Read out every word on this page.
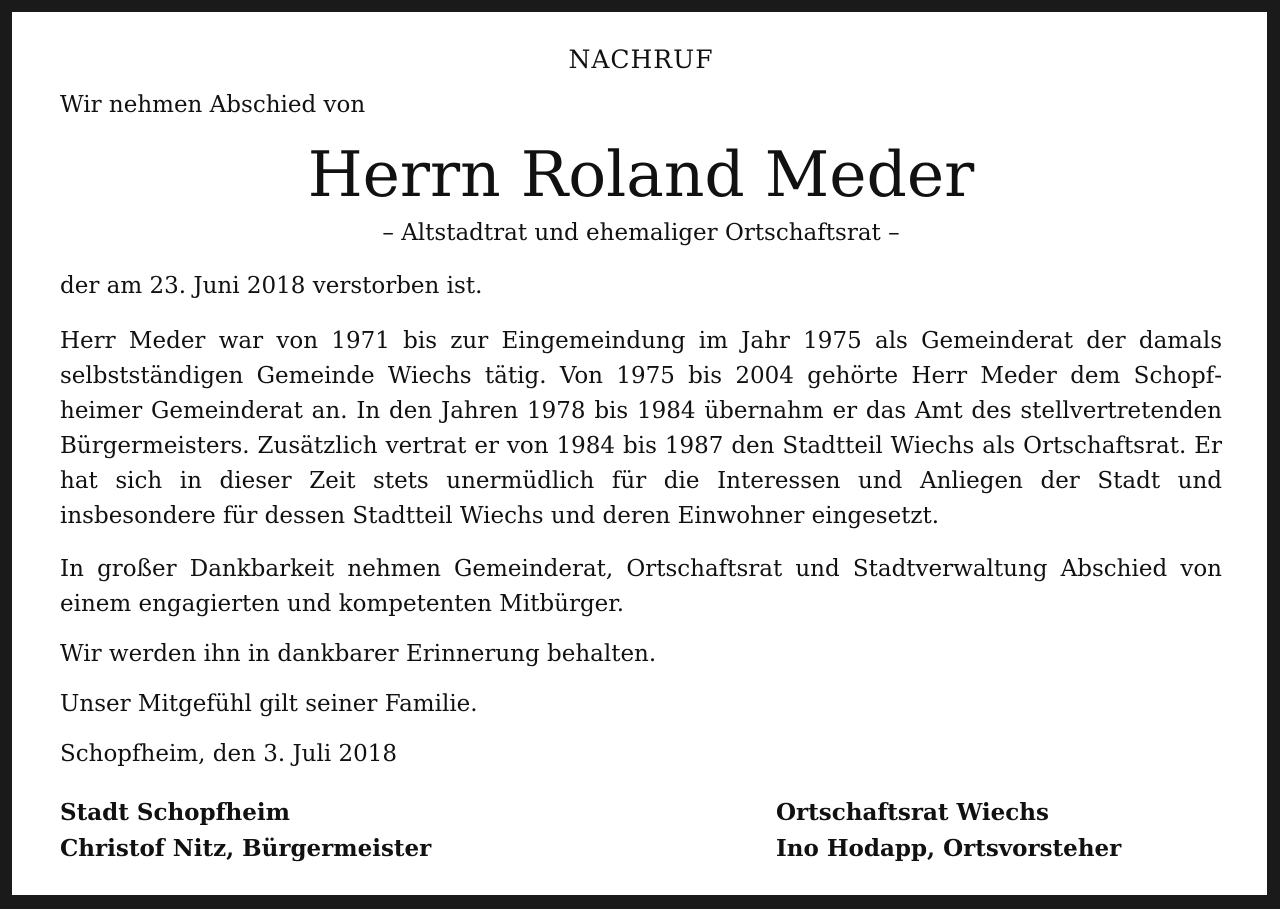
NACHRUF
Wir nehmen Abschied von
Herrn Roland Meder
– Altstadtrat und ehemaliger Ortschaftsrat –
der am 23. Juni 2018 verstorben ist.
Herr Meder war von 1971 bis zur Eingemeindung im Jahr 1975 als Gemeinderat der damals selbstständigen Gemeinde Wiechs tätig. Von 1975 bis 2004 gehörte Herr Meder dem Schopfheimer Gemeinderat an. In den Jahren 1978 bis 1984 übernahm er das Amt des stellvertretenden Bürgermeisters. Zusätzlich vertrat er von 1984 bis 1987 den Stadtteil Wiechs als Ortschaftsrat. Er hat sich in dieser Zeit stets unermüdlich für die Interessen und Anliegen der Stadt und insbesondere für dessen Stadtteil Wiechs und deren Einwohner eingesetzt.
In großer Dankbarkeit nehmen Gemeinderat, Ortschaftsrat und Stadtverwaltung Abschied von einem engagierten und kompetenten Mitbürger.
Wir werden ihn in dankbarer Erinnerung behalten.
Unser Mitgefühl gilt seiner Familie.
Schopfheim, den 3. Juli 2018
Stadt Schopfheim
Christof Nitz, Bürgermeister
Ortschaftsrat Wiechs
Ino Hodapp, Ortsvorsteher
